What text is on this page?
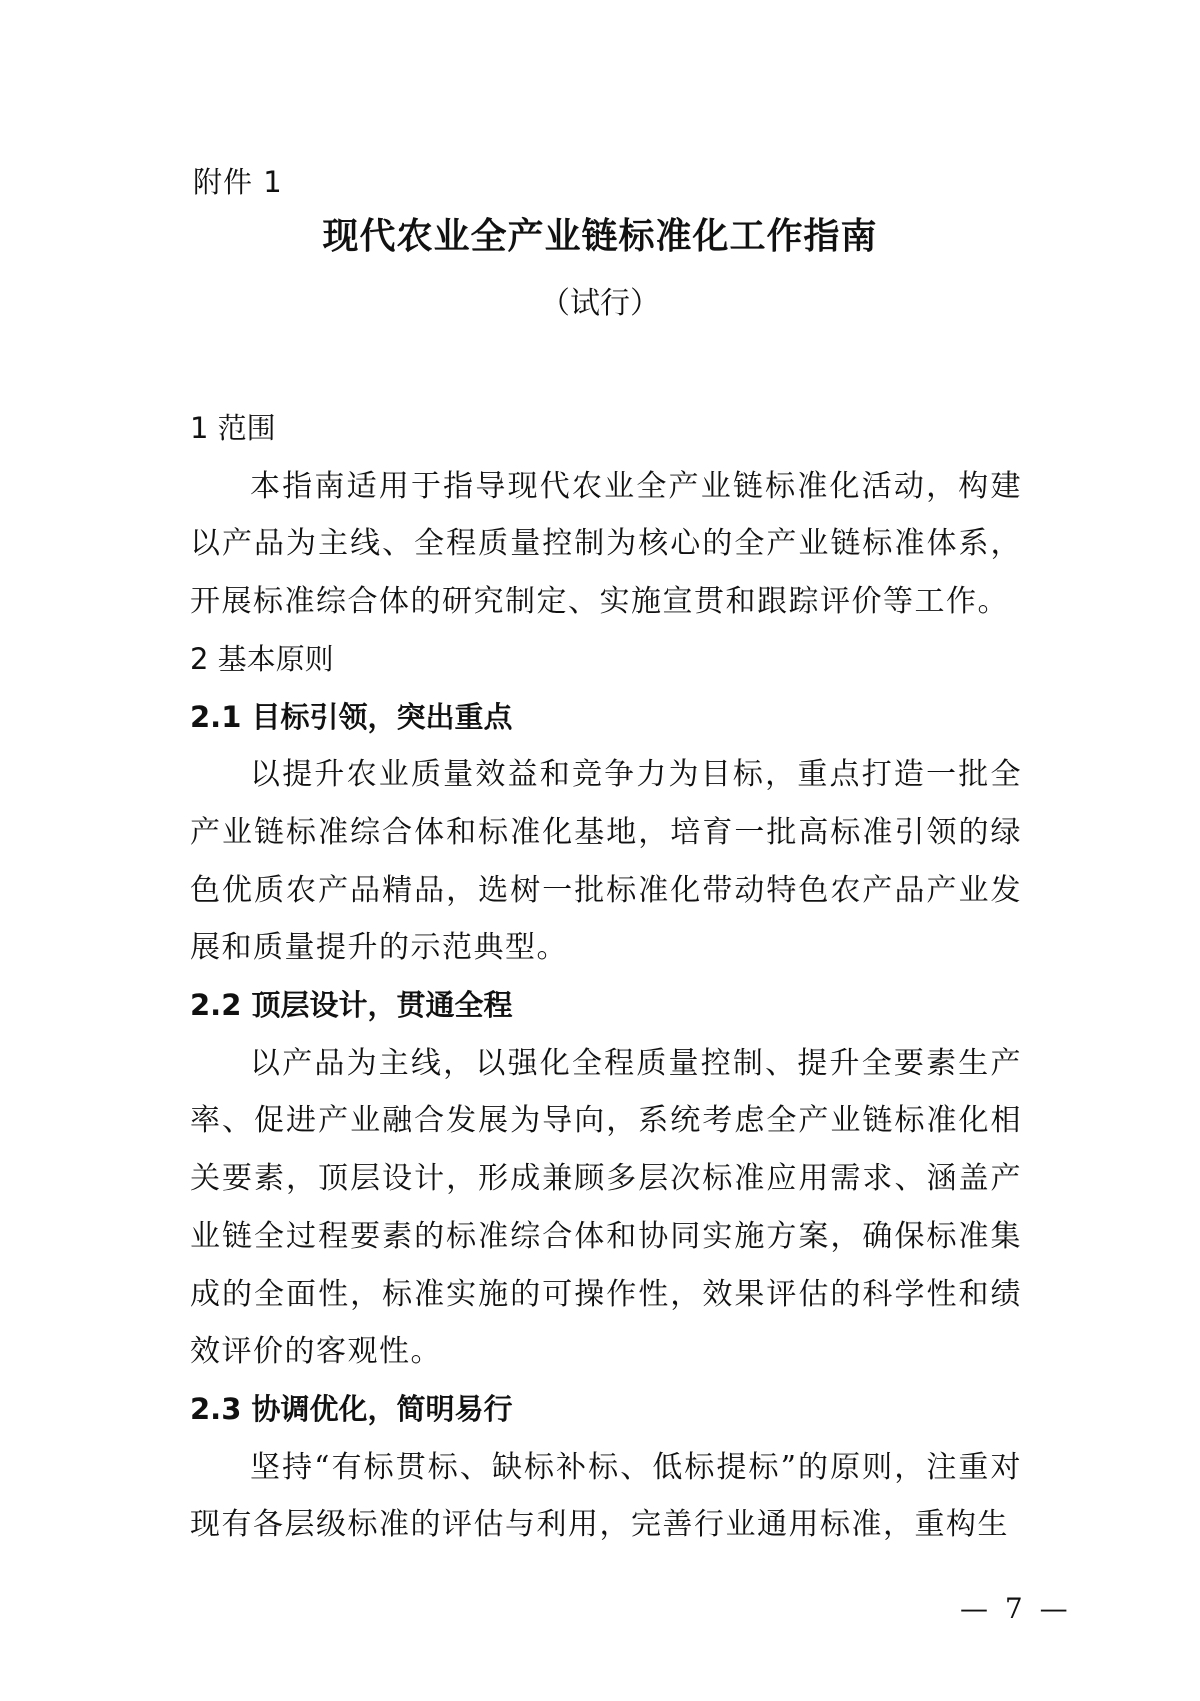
附件 1
现代农业全产业链标准化工作指南
（试行）
1 范围
本指南适用于指导现代农业全产业链标准化活动，构建以产品为主线、全程质量控制为核心的全产业链标准体系，开展标准综合体的研究制定、实施宣贯和跟踪评价等工作。
2 基本原则
2.1 目标引领，突出重点
以提升农业质量效益和竞争力为目标，重点打造一批全产业链标准综合体和标准化基地，培育一批高标准引领的绿色优质农产品精品，选树一批标准化带动特色农产品产业发展和质量提升的示范典型。
2.2 顶层设计，贯通全程
以产品为主线，以强化全程质量控制、提升全要素生产率、促进产业融合发展为导向，系统考虑全产业链标准化相关要素，顶层设计，形成兼顾多层次标准应用需求、涵盖产业链全过程要素的标准综合体和协同实施方案，确保标准集成的全面性，标准实施的可操作性，效果评估的科学性和绩效评价的客观性。
2.3 协调优化，简明易行
坚持“有标贯标、缺标补标、低标提标”的原则，注重对现有各层级标准的评估与利用，完善行业通用标准，重构生
— 7 —
